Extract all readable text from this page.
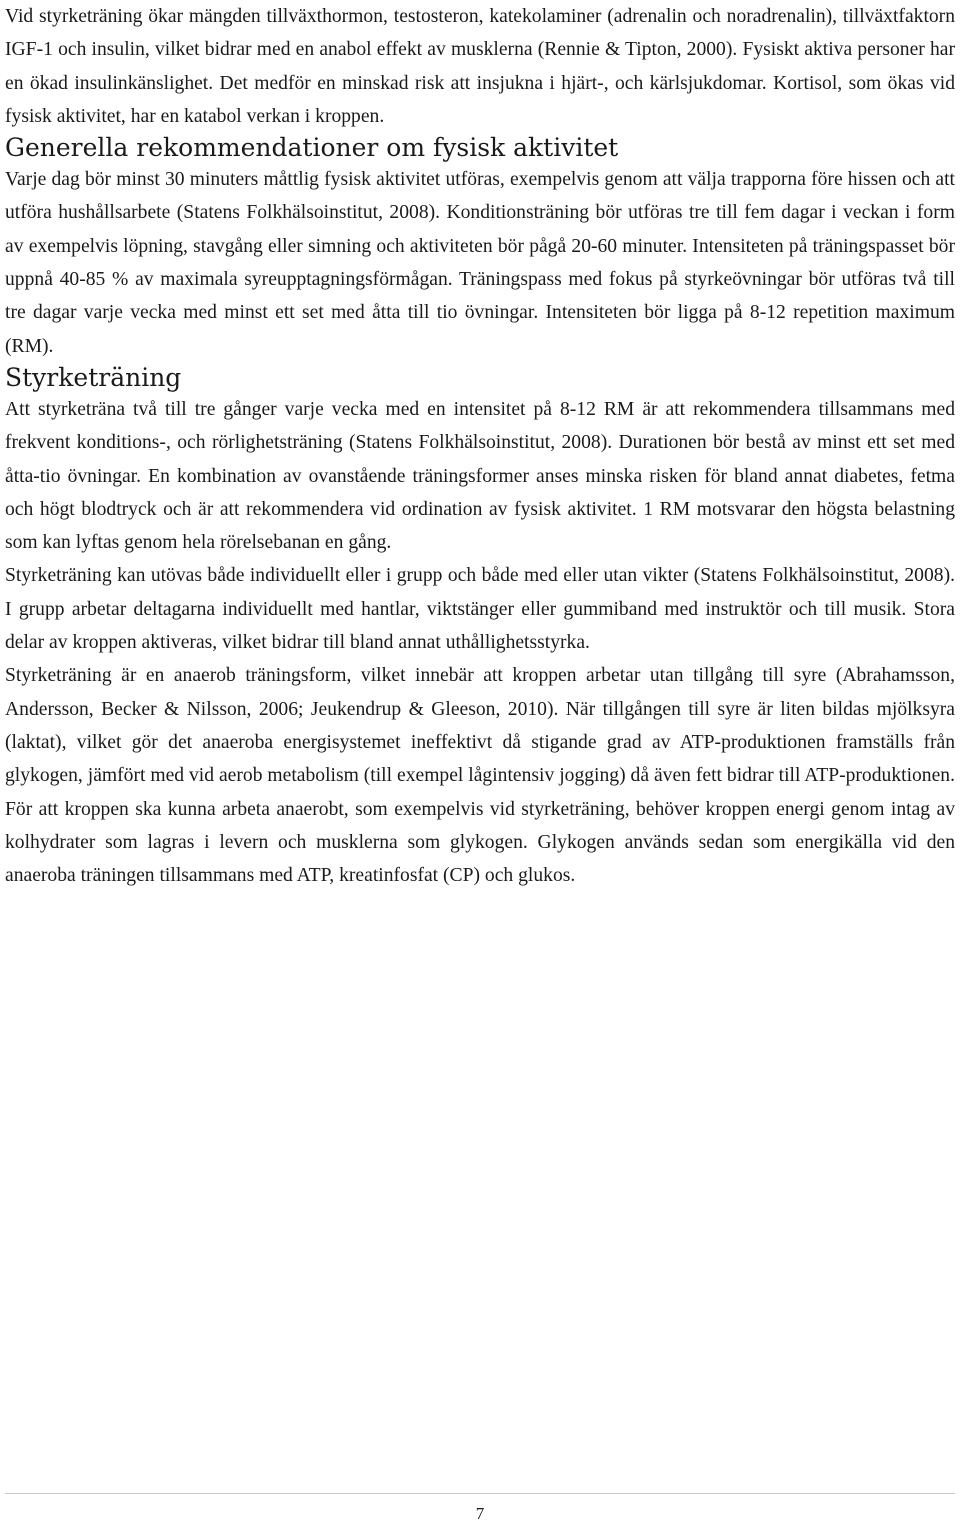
Vid styrketräning ökar mängden tillväxthormon, testosteron, katekolaminer (adrenalin och noradrenalin), tillväxtfaktorn IGF-1 och insulin, vilket bidrar med en anabol effekt av musklerna (Rennie & Tipton, 2000). Fysiskt aktiva personer har en ökad insulinkänslighet. Det medför en minskad risk att insjukna i hjärt-, och kärlsjukdomar. Kortisol, som ökas vid fysisk aktivitet, har en katabol verkan i kroppen.

Generella rekommendationer om fysisk aktivitet

Varje dag bör minst 30 minuters måttlig fysisk aktivitet utföras, exempelvis genom att välja trapporna före hissen och att utföra hushållsarbete (Statens Folkhälsoinstitut, 2008). Konditionsträning bör utföras tre till fem dagar i veckan i form av exempelvis löpning, stavgång eller simning och aktiviteten bör pågå 20-60 minuter. Intensiteten på träningspasset bör uppnå 40-85 % av maximala syreupptagningsförmågan. Träningspass med fokus på styrkeövningar bör utföras två till tre dagar varje vecka med minst ett set med åtta till tio övningar. Intensiteten bör ligga på 8-12 repetition maximum (RM).

Styrketräning

Att styrketräna två till tre gånger varje vecka med en intensitet på 8-12 RM är att rekommendera tillsammans med frekvent konditions-, och rörlighetsträning (Statens Folkhälsoinstitut, 2008). Durationen bör bestå av minst ett set med åtta-tio övningar. En kombination av ovanstående träningsformer anses minska risken för bland annat diabetes, fetma och högt blodtryck och är att rekommendera vid ordination av fysisk aktivitet. 1 RM motsvarar den högsta belastning som kan lyftas genom hela rörelsebanan en gång.

Styrketräning kan utövas både individuellt eller i grupp och både med eller utan vikter (Statens Folkhälsoinstitut, 2008). I grupp arbetar deltagarna individuellt med hantlar, viktstänger eller gummiband med instruktör och till musik. Stora delar av kroppen aktiveras, vilket bidrar till bland annat uthållighetsstyrka.

Styrketräning är en anaerob träningsform, vilket innebär att kroppen arbetar utan tillgång till syre (Abrahamsson, Andersson, Becker & Nilsson, 2006; Jeukendrup & Gleeson, 2010). När tillgången till syre är liten bildas mjölksyra (laktat), vilket gör det anaeroba energisystemet ineffektivt då stigande grad av ATP-produktionen framställs från glykogen, jämfört med vid aerob metabolism (till exempel lågintensiv jogging) då även fett bidrar till ATP-produktionen. För att kroppen ska kunna arbeta anaerobt, som exempelvis vid styrketräning, behöver kroppen energi genom intag av kolhydrater som lagras i levern och musklerna som glykogen. Glykogen används sedan som energikälla vid den anaeroba träningen tillsammans med ATP, kreatinfosfat (CP) och glukos.

7
